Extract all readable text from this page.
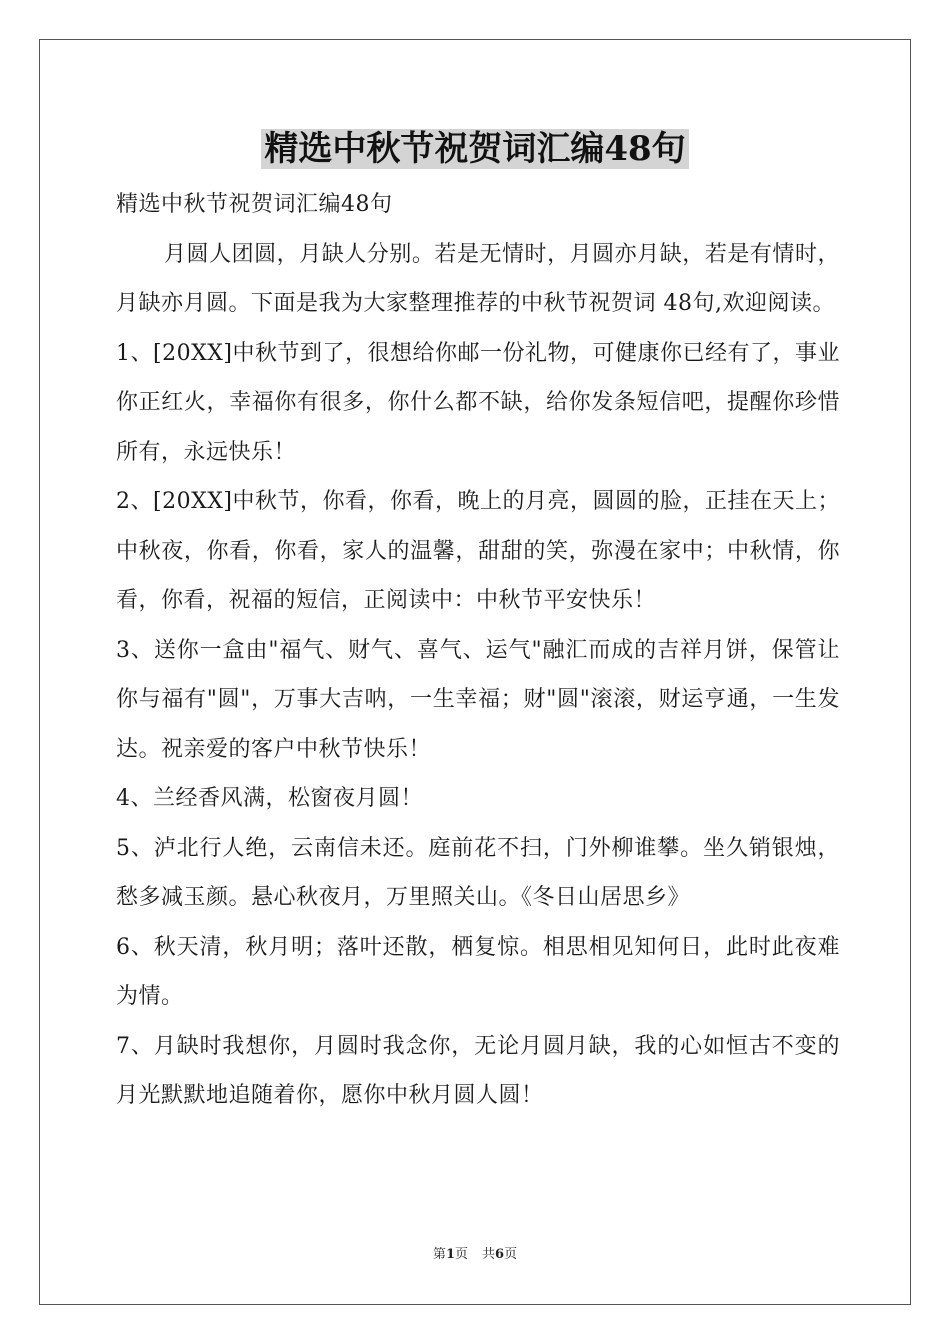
精选中秋节祝贺词汇编48句

精选中秋节祝贺词汇编48句

月圆人团圆，月缺人分别。若是无情时，月圆亦月缺，若是有情时，月缺亦月圆。下面是我为大家整理推荐的中秋节祝贺词 48句,欢迎阅读。

1、[20XX]中秋节到了，很想给你邮一份礼物，可健康你已经有了，事业你正红火，幸福你有很多，你什么都不缺，给你发条短信吧，提醒你珍惜所有，永远快乐！

2、[20XX]中秋节，你看，你看，晚上的月亮，圆圆的脸，正挂在天上；中秋夜，你看，你看，家人的温馨，甜甜的笑，弥漫在家中；中秋情，你看，你看，祝福的短信，正阅读中：中秋节平安快乐！

3、送你一盒由"福气、财气、喜气、运气"融汇而成的吉祥月饼，保管让你与福有"圆"，万事大吉呐，一生幸福；财"圆"滚滚，财运亨通，一生发达。祝亲爱的客户中秋节快乐！

4、兰经香风满，松窗夜月圆！

5、泸北行人绝，云南信未还。庭前花不扫，门外柳谁攀。坐久销银烛，愁多减玉颜。悬心秋夜月，万里照关山。《冬日山居思乡》

6、秋天清，秋月明；落叶还散，栖复惊。相思相见知何日，此时此夜难为情。

7、月缺时我想你，月圆时我念你，无论月圆月缺，我的心如恒古不变的月光默默地追随着你，愿你中秋月圆人圆！

第1页 共6页
